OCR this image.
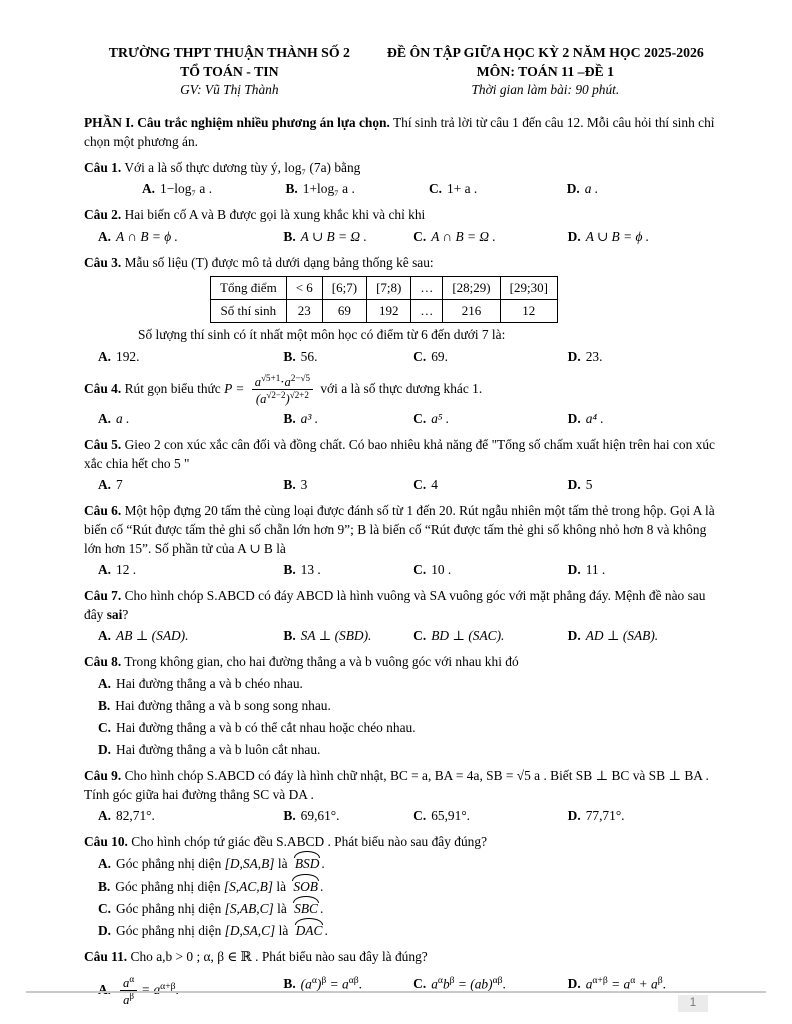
TRƯỜNG THPT THUẬN THÀNH SỐ 2
TỔ TOÁN - TIN
GV: Vũ Thị Thành
ĐỀ ÔN TẬP GIỮA HỌC KỲ 2 NĂM HỌC 2025-2026
MÔN: TOÁN 11 –ĐỀ 1
Thời gian làm bài: 90 phút.
PHẦN I. Câu trắc nghiệm nhiều phương án lựa chọn. Thí sinh trả lời từ câu 1 đến câu 12. Mỗi câu hỏi thí sinh chỉ chọn một phương án.
Câu 1. Với a là số thực dương tùy ý, log₇ (7a) bằng
A. 1−log₇ a .	B. 1+log₇ a .	C. 1+ a .	D. a .
Câu 2. Hai biến cố A và B được gọi là xung khắc khi và chỉ khi
A. A ∩ B = ϕ .	B. A ∪ B = Ω .	C. A ∩ B = Ω .	D. A ∪ B = ϕ .
Câu 3. Mẫu số liệu (T) được mô tả dưới dạng bảng thống kê sau:
Tổng điểm	< 6	[6;7)	[7;8)	…	[28;29)	[29;30]
Số thí sinh	23	69	192	…	216	12
Số lượng thí sinh có ít nhất một môn học có điểm từ 6 đến dưới 7 là:
A. 192.	B. 56.	C. 69.	D. 23.
Câu 4. Rút gọn biểu thức $P = \frac{a^{√5+1}\cdot a^{2-√5}}{(a^{√2-2})^{√2+2}}$ với a là số thực dương khác 1.
A. a .	B. a³ .	C. a⁵ .	D. a⁴ .
Câu 5. Gieo 2 con xúc xắc cân đối và đồng chất. Có bao nhiêu khả năng để "Tổng số chấm xuất hiện trên hai con xúc xắc chia hết cho 5 "
A. 7	B. 3	C. 4	D. 5
Câu 6. Một hộp đựng 20 tấm thẻ cùng loại được đánh số từ 1 đến 20. Rút ngẫu nhiên một tấm thẻ trong hộp. Gọi A là biến cố “Rút được tấm thẻ ghi số chẵn lớn hơn 9”; B là biến cố “Rút được tấm thẻ ghi số không nhỏ hơn 8 và không lớn hơn 15”. Số phần tử của A ∪ B là
A. 12 .	B. 13 .	C. 10 .	D. 11 .
Câu 7. Cho hình chóp S.ABCD có đáy ABCD là hình vuông và SA vuông góc với mặt phẳng đáy. Mệnh đề nào sau đây sai?
A. AB ⊥ (SAD).	B. SA ⊥ (SBD).	C. BD ⊥ (SAC).	D. AD ⊥ (SAB).
Câu 8. Trong không gian, cho hai đường thẳng a và b vuông góc với nhau khi đó
A. Hai đường thẳng a và b chéo nhau.
B. Hai đường thẳng a và b song song nhau.
C. Hai đường thẳng a và b có thể cắt nhau hoặc chéo nhau.
D. Hai đường thẳng a và b luôn cắt nhau.
Câu 9. Cho hình chóp S.ABCD có đáy là hình chữ nhật, BC = a, BA = 4a, SB = √5 a . Biết SB ⊥ BC và SB ⊥ BA . Tính góc giữa hai đường thẳng SC và DA .
A. 82,71°.	B. 69,61°.	C. 65,91°.	D. 77,71°.
Câu 10. Cho hình chóp tứ giác đều S.ABCD . Phát biểu nào sau đây đúng?
A. Góc phẳng nhị diện [D,SA,B] là BSD .
B. Góc phẳng nhị diện [S,AC,B] là SOB .
C. Góc phẳng nhị diện [S,AB,C] là SBC .
D. Góc phẳng nhị diện [D,SA,C] là DAC .
Câu 11. Cho a,b > 0 ; α, β ∈ ℝ . Phát biểu nào sau đây là đúng?
A. $\frac{a^\alpha}{a^\beta} = a^{\alpha+\beta}$.	B. $(a^\alpha)^\beta = a^{\alpha\beta}$.	C. $a^\alpha b^\beta = (ab)^{\alpha\beta}$.	D. $a^{\alpha+\beta} = a^\alpha + a^\beta$.
1
